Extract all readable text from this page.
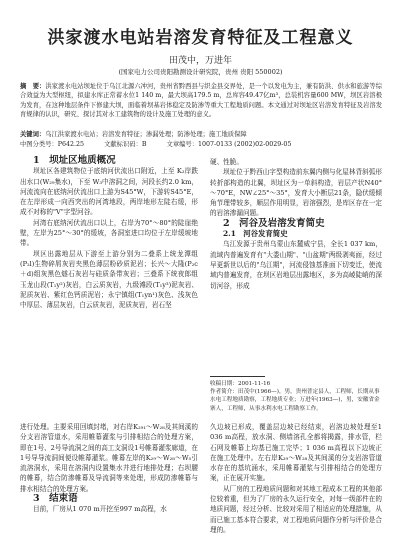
洪家渡水电站岩溶发育特征及工程意义
田茂中，万进年
(国家电力公司贵阳勘测设计研究院，贵州 贵阳 550002)
摘　要：洪家渡水电站坝址位于乌江北源六冲河，贵州省黔西县与织金县交界处，是一个以发电为主，兼有防洪、供水和旅游等综合效益为大型枢纽，拟建水库正常蓄水位1 140 m，最大坝高179.5 m，总库容49.47亿m³，总装机容量600 MW，坝区岩溶极为发育，在这种地层条件下修建大坝，面临着坝基岩体稳定及防渗等重大工程地质问题。本文通过对坝址区岩溶发育特征及岩溶发育规律的认识，研究、探讨其对水工建筑物的设计及施工处理的意义。
关键词：乌江洪家渡水电站；岩溶发育特征；渗漏处理；防渗处理；施工地质保障
中图分类号：P642.25	文献标识码：B	文章编号：1007-0133 (2002)02-0029-05

1　坝址区地质概况

坝址区各建筑物位于底纳河伏流出口附近，上至 K₂岸跌出水口(W₂₉集水)，下至 W₃中溶洞之间，河段长约2.0 km，河流流向在底纳河伏流出口上游为S45°W，下游转S45°E，在左岸形成一向西突出的河湾地段，两岸地形左陡右缓，形成不对称的"V"字型河谷。

河湾右底纳河伏流出口以上，右岸为70°～80°的陡崖绝壁，左岸为25°～30°的缓坡，各洞室进口均位于左岸缓坡地带。

坝区出露地层从下游至上游分别为二叠系上统龙潭组(P₂l)生物碎屑灰岩夹黑色薄层粉砂质泥岩；长兴～大隆(P₂c＋d)组灰黑色燧石灰岩与硅质条带灰岩；三叠系下统夜郎组玉龙山段(T₁y²)灰岩，白云质灰岩，九级滩段(T₁y³)泥灰岩、泥质灰岩、紫红色钙质泥岩；永宁镇组(T₁yn¹)灰色、浅灰色中厚层、薄层灰岩，白云质灰岩，泥质灰岩，岩石坚

硬、性脆。

坝址位于黔西山字型构造前东翼内侧与化屋林背斜弧形转折部构造的北翼，坝址区为一单斜构造，岩层产状N40°～70°E，NW∠25°～35°，发育大小断层21条，隐伏缓倾角节理带较多，顺层作用明显，岩溶强烈，是库区存在一定的岩溶渗漏问题。

2　河谷及岩溶发育简史

2.1　河谷发育简史

乌江发源于贵州乌蒙山东麓威宁县，全长1 037 km，流域内普遍发育有"大娄山期"、"山盆期"两级剥夷面，经过早更新世以后的"乌江期"，河流侵蚀基准面下切变迁，使流域内普遍发育，在坝区岩地层出露地区，多为高崚陡峭的深切河谷，形成

收稿日期：2001-11-16
作者简介：田茂中(1966—)，男，贵州普定县人，工程师，长期从事水电工程地质勘察，工程地质专业；万进年(1963—)，男，安徽省金寨人，工程师，从事水利水电工程勘察工作。

进行处理。主要采用回填封堵，对右岸K₂₉₁～W₂₈及其间溪的分支岩溶管道水，采用帷幕灌浆与引排相结合的处理方案，即在1号、2号导流洞之间的高工支洞设1号帷幕灌浆廊道，在1号导导流洞间便设帷幕灌浆。帷幕左岸的K₂₉～W₂₈～W₅引流溶洞水，采用在溶洞内设置集水井进行地排处理；右坝腰的帷幕，结合防渗帷幕及导流洞等来处理，形成防渗帷幕与排水相结合的处理方案。

3　结束语

目前，厂房从1 070 m开挖至997 m高程，水

久边坡已形成，覆盖层边坡已经结束，岩溶边坡处理至1 036 m高程，放水洞、侧墙溶孔全都将揭露，排水管，栏石网及帷幕上均基已施工完毕；1 036 m高程以下边坡正在施工处理中。左右岸K₂₉～W₂₈及其间溪的分支岩溶管道水存在的基坑涌水，采用帷幕灌浆与引排相结合的处理方案，正在展开实施。

从厂房的工程地质问题和对其地工程成本工程的其他部位较着重，但为了厂房的永久运行安全，对每一级部件在的地质问题，经过分析、比较对采用了相适应的处理措施，从而已施工基本符合要求，对工程地质问题作分析与评价是合理的。
